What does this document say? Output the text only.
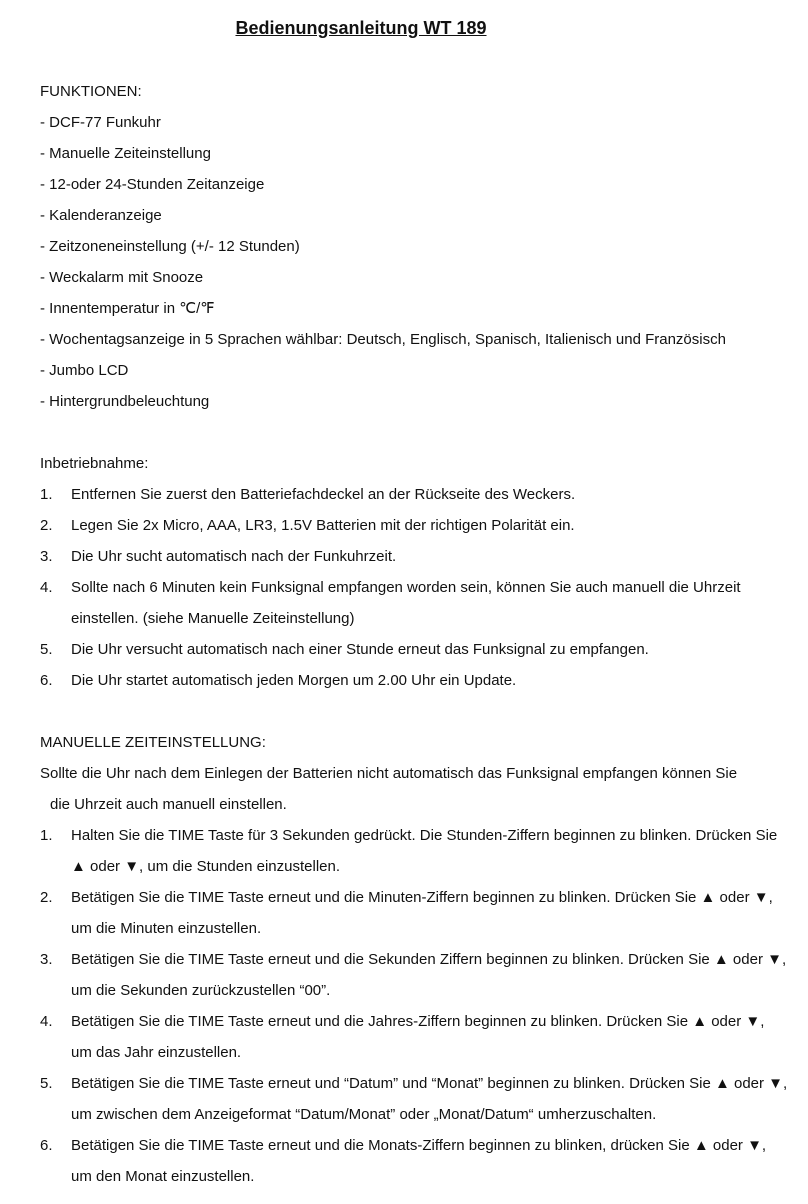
Bedienungsanleitung WT 189
FUNKTIONEN:
- DCF-77 Funkuhr
- Manuelle Zeiteinstellung
- 12-oder 24-Stunden Zeitanzeige
- Kalenderanzeige
- Zeitzoneneinstellung (+/- 12 Stunden)
- Weckalarm mit Snooze
- Innentemperatur in ℃/℉
- Wochentagsanzeige in 5 Sprachen wählbar: Deutsch, Englisch, Spanisch, Italienisch und Französisch
- Jumbo LCD
- Hintergrundbeleuchtung
Inbetriebnahme:
1. Entfernen Sie zuerst den Batteriefachdeckel an der Rückseite des Weckers.
2. Legen Sie 2x Micro, AAA, LR3, 1.5V Batterien mit der richtigen Polarität ein.
3. Die Uhr sucht automatisch nach der Funkuhrzeit.
4. Sollte nach 6 Minuten kein Funksignal empfangen worden sein, können Sie auch manuell die Uhrzeit einstellen. (siehe Manuelle Zeiteinstellung)
5. Die Uhr versucht automatisch nach einer Stunde erneut das Funksignal zu empfangen.
6. Die Uhr startet automatisch jeden Morgen um 2.00 Uhr ein Update.
MANUELLE ZEITEINSTELLUNG:
Sollte die Uhr nach dem Einlegen der Batterien nicht automatisch das Funksignal empfangen können Sie
die Uhrzeit auch manuell einstellen.
1. Halten Sie die TIME Taste für 3 Sekunden gedrückt. Die Stunden-Ziffern beginnen zu blinken. Drücken Sie ▲ oder ▼, um die Stunden einzustellen.
2. Betätigen Sie die TIME Taste erneut und die Minuten-Ziffern beginnen zu blinken. Drücken Sie ▲ oder ▼, um die Minuten einzustellen.
3. Betätigen Sie die TIME Taste erneut und die Sekunden Ziffern beginnen zu blinken. Drücken Sie ▲ oder ▼, um die Sekunden zurückzustellen “00”.
4. Betätigen Sie die TIME Taste erneut und die Jahres-Ziffern beginnen zu blinken. Drücken Sie ▲ oder ▼, um das Jahr einzustellen.
5. Betätigen Sie die TIME Taste erneut und “Datum” und “Monat” beginnen zu blinken. Drücken Sie ▲ oder ▼, um zwischen dem Anzeigeformat “Datum/Monat” oder „Monat/Datum“ umherzuschalten.
6. Betätigen Sie die TIME Taste erneut und die Monats-Ziffern beginnen zu blinken, drücken Sie ▲ oder ▼, um den Monat einzustellen.
